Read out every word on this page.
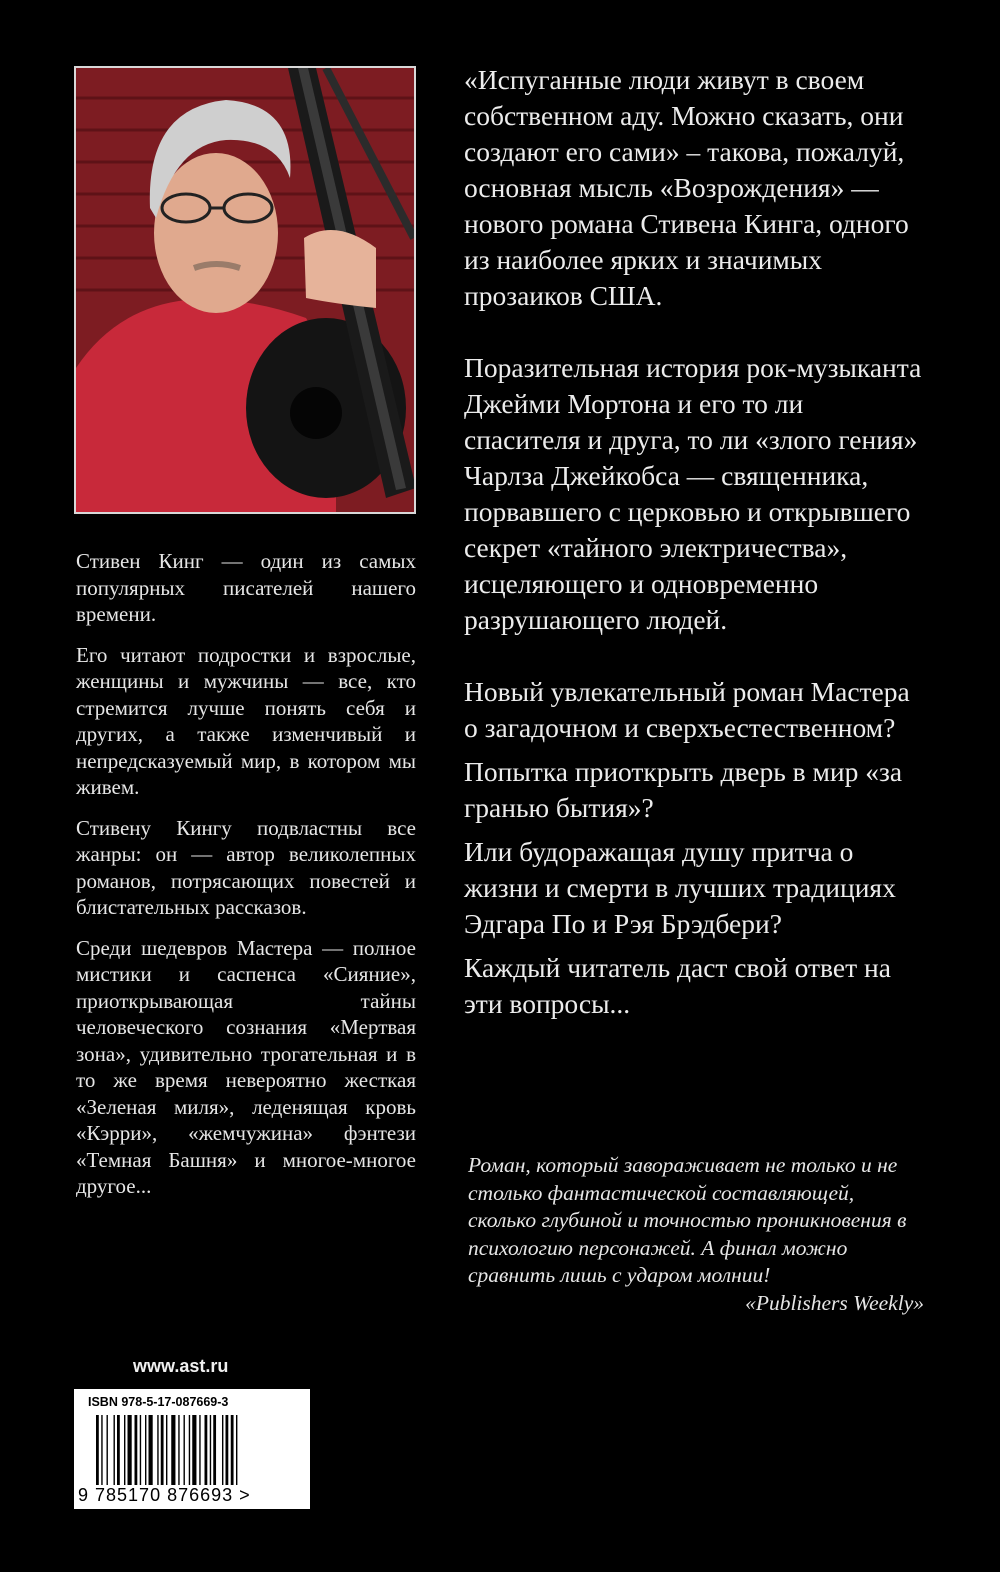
Стивен Кинг — один из самых популярных писателей нашего времени.

Его читают подростки и взрослые, женщины и мужчины — все, кто стремится лучше понять себя и других, а также изменчивый и непредсказуемый мир, в котором мы живем.

Стивену Кингу подвластны все жанры: он — автор великолепных романов, потрясающих повестей и блистательных рассказов.

Среди шедевров Мастера — полное мистики и саспенса «Сияние», приоткрывающая тайны человеческого сознания «Мертвая зона», удивительно трогательная и в то же время невероятно жесткая «Зеленая миля», леденящая кровь «Кэрри», «жемчужина» фэнтези «Темная Башня» и многое-многое другое...

«Испуганные люди живут в своем собственном аду. Можно сказать, они создают его сами» – такова, пожалуй, основная мысль «Возрождения» — нового романа Стивена Кинга, одного из наиболее ярких и значимых прозаиков США.

Поразительная история рок-музыканта Джейми Мортона и его то ли спасителя и друга, то ли «злого гения» Чарлза Джейкобса — священника, порвавшего с церковью и открывшего секрет «тайного электричества», исцеляющего и одновременно разрушающего людей.

Новый увлекательный роман Мастера о загадочном и сверхъестественном?

Попытка приоткрыть дверь в мир «за гранью бытия»?

Или будоражащая душу притча о жизни и смерти в лучших традициях Эдгара По и Рэя Брэдбери?

Каждый читатель даст свой ответ на эти вопросы...

Роман, который завораживает не только и не столько фантастической составляющей, сколько глубиной и точностью проникновения в психологию персонажей. А финал можно сравнить лишь с ударом молнии!
«Publishers Weekly»
www.ast.ru
ISBN 978-5-17-087669-3
9 785170 876693 >
